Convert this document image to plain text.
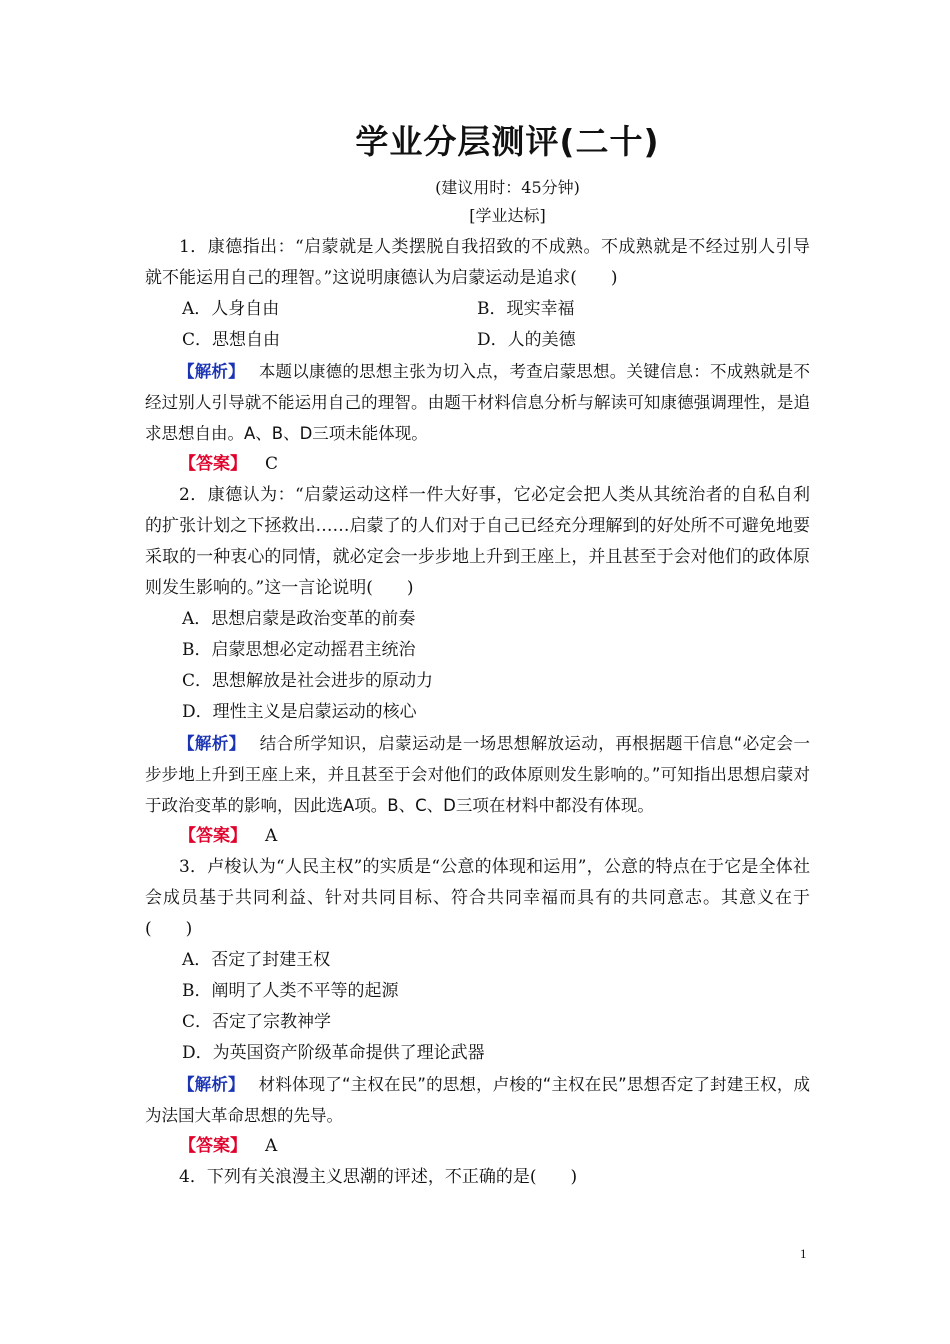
学业分层测评(二十)
(建议用时：45分钟)
[学业达标]

1．康德指出：“启蒙就是人类摆脱自我招致的不成熟。不成熟就是不经过别人引导就不能运用自己的理智。”这说明康德认为启蒙运动是追求(　　)

A．人身自由	B．现实幸福
C．思想自由	D．人的美德

【解析】 本题以康德的思想主张为切入点，考查启蒙思想。关键信息：不成熟就是不经过别人引导就不能运用自己的理智。由题干材料信息分析与解读可知康德强调理性，是追求思想自由。A、B、D三项未能体现。

【答案】 C

2．康德认为：“启蒙运动这样一件大好事，它必定会把人类从其统治者的自私自利的扩张计划之下拯救出……启蒙了的人们对于自己已经充分理解到的好处所不可避免地要采取的一种衷心的同情，就必定会一步步地上升到王座上，并且甚至于会对他们的政体原则发生影响的。”这一言论说明(　　)

A．思想启蒙是政治变革的前奏
B．启蒙思想必定动摇君主统治
C．思想解放是社会进步的原动力
D．理性主义是启蒙运动的核心

【解析】 结合所学知识，启蒙运动是一场思想解放运动，再根据题干信息“必定会一步步地上升到王座上来，并且甚至于会对他们的政体原则发生影响的。”可知指出思想启蒙对于政治变革的影响，因此选A项。B、C、D三项在材料中都没有体现。

【答案】 A

3．卢梭认为“人民主权”的实质是“公意的体现和运用”，公意的特点在于它是全体社会成员基于共同利益、针对共同目标、符合共同幸福而具有的共同意志。其意义在于(　　)

A．否定了封建王权
B．阐明了人类不平等的起源
C．否定了宗教神学
D．为英国资产阶级革命提供了理论武器

【解析】 材料体现了“主权在民”的思想，卢梭的“主权在民”思想否定了封建王权，成为法国大革命思想的先导。

【答案】 A

4．下列有关浪漫主义思潮的评述，不正确的是(　　)

1
